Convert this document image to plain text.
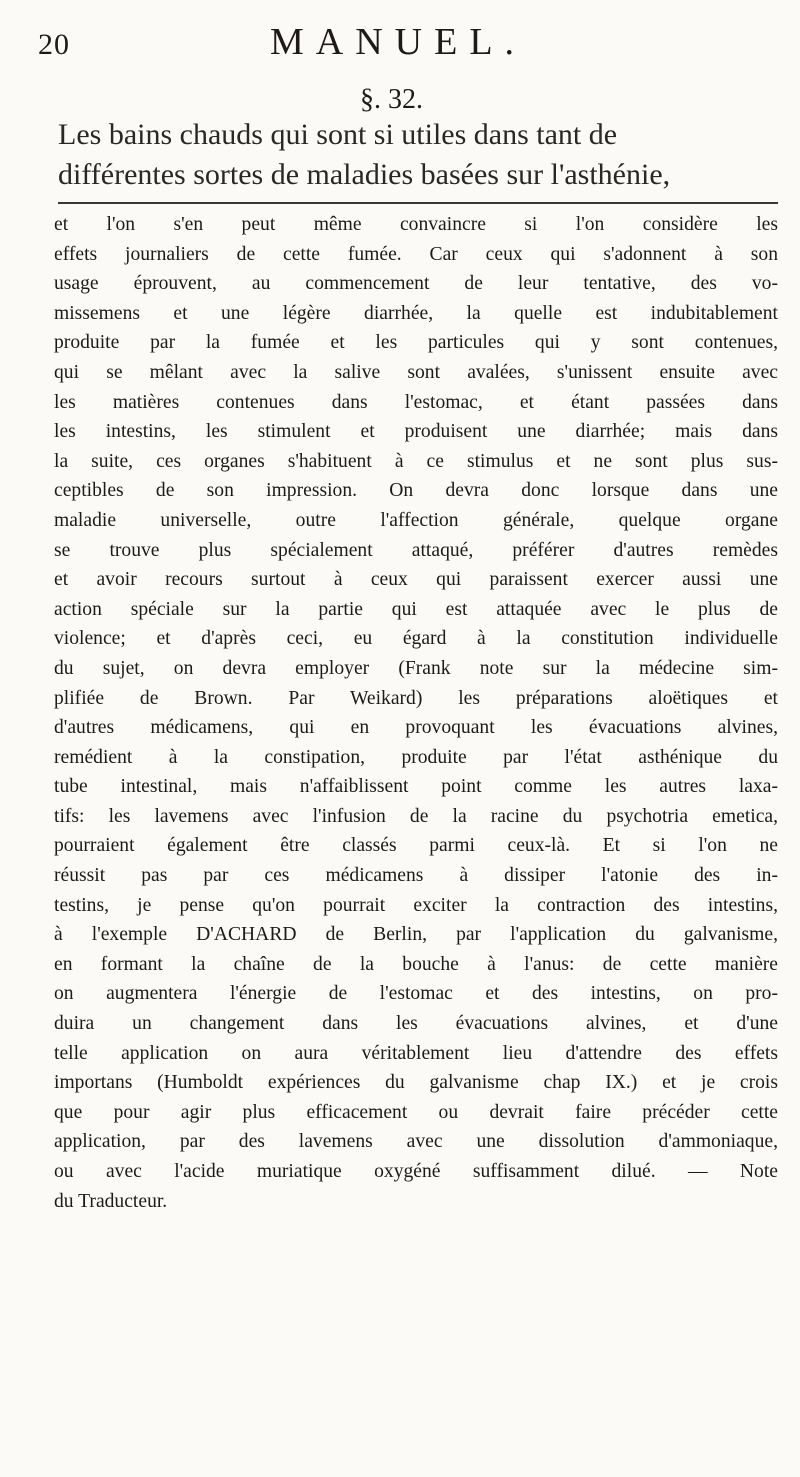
20	MANUEL.
§. 32.
Les bains chauds qui sont si utiles dans tant de
différentes sortes de maladies basées sur l'asthénie,
et l'on s'en peut même convaincre si l'on considère les
effets journaliers de cette fumée. Car ceux qui s'adonnent à son
usage éprouvent, au commencement de leur tentative, des vo-
missemens et une légère diarrhée, la quelle est indubitablement
produite par la fumée et les particules qui y sont contenues,
qui se mêlant avec la salive sont avalées, s'unissent ensuite avec
les matières contenues dans l'estomac, et étant passées dans
les intestins, les stimulent et produisent une diarrhée; mais dans
la suite, ces organes s'habituent à ce stimulus et ne sont plus sus-
ceptibles de son impression. On devra donc lorsque dans une
maladie universelle, outre l'affection générale, quelque organe
se trouve plus spécialement attaqué, préférer d'autres remèdes
et avoir recours surtout à ceux qui paraissent exercer aussi une
action spéciale sur la partie qui est attaquée avec le plus de
violence; et d'après ceci, eu égard à la constitution individuelle
du sujet, on devra employer (Frank note sur la médecine sim-
plifiée de Brown. Par Weikard) les préparations aloëtiques et
d'autres médicamens, qui en provoquant les évacuations alvines,
remédient à la constipation, produite par l'état asthénique du
tube intestinal, mais n'affaiblissent point comme les autres laxa-
tifs: les lavemens avec l'infusion de la racine du psychotria emetica,
pourraient également être classés parmi ceux-là. Et si l'on ne
réussit pas par ces médicamens à dissiper l'atonie des in-
testins, je pense qu'on pourrait exciter la contraction des intestins,
à l'exemple D'ACHARD de Berlin, par l'application du galvanisme,
en formant la chaîne de la bouche à l'anus: de cette manière
on augmentera l'énergie de l'estomac et des intestins, on pro-
duira un changement dans les évacuations alvines, et d'une
telle application on aura véritablement lieu d'attendre des effets
importans (Humboldt expériences du galvanisme chap IX.) et je crois
que pour agir plus efficacement ou devrait faire précéder cette
application, par des lavemens avec une dissolution d'ammoniaque,
ou avec l'acide muriatique oxygéné suffisamment dilué. — Note
du Traducteur.
